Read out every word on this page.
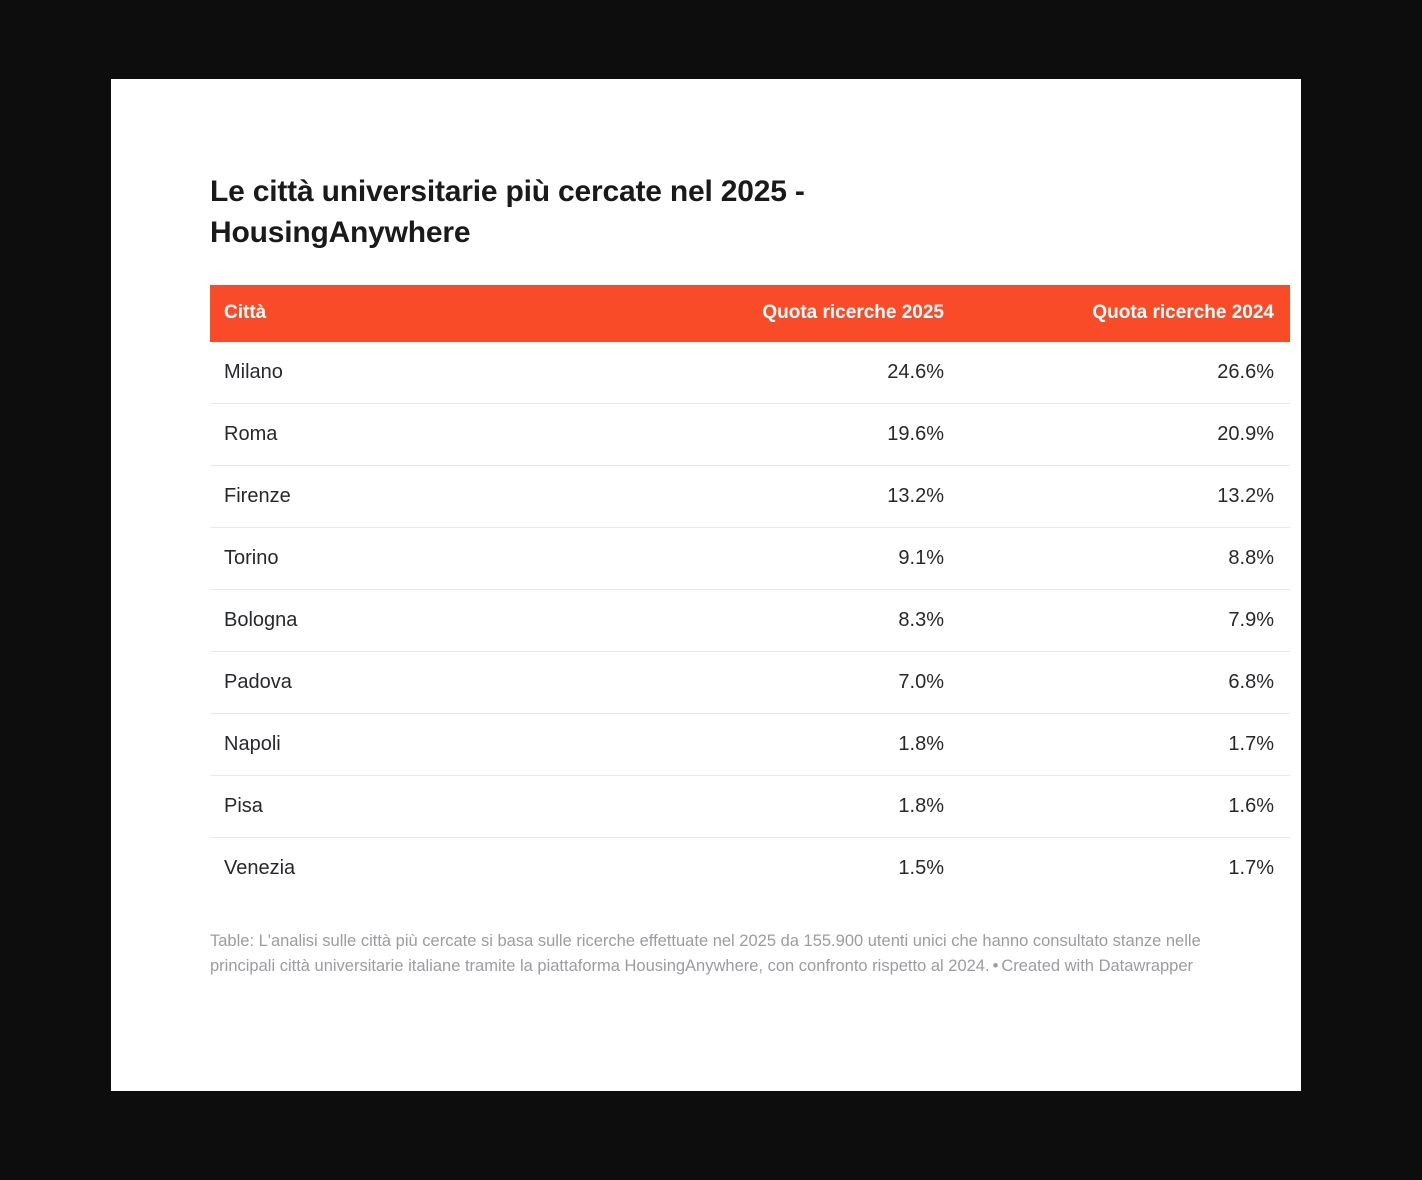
Le città universitarie più cercate nel 2025 - HousingAnywhere
Città	Quota ricerche 2025	Quota ricerche 2024
Milano	24.6%	26.6%
Roma	19.6%	20.9%
Firenze	13.2%	13.2%
Torino	9.1%	8.8%
Bologna	8.3%	7.9%
Padova	7.0%	6.8%
Napoli	1.8%	1.7%
Pisa	1.8%	1.6%
Venezia	1.5%	1.7%
Table: L'analisi sulle città più cercate si basa sulle ricerche effettuate nel 2025 da 155.900 utenti unici che hanno consultato stanze nelle principali città universitarie italiane tramite la piattaforma HousingAnywhere, con confronto rispetto al 2024. • Created with Datawrapper
